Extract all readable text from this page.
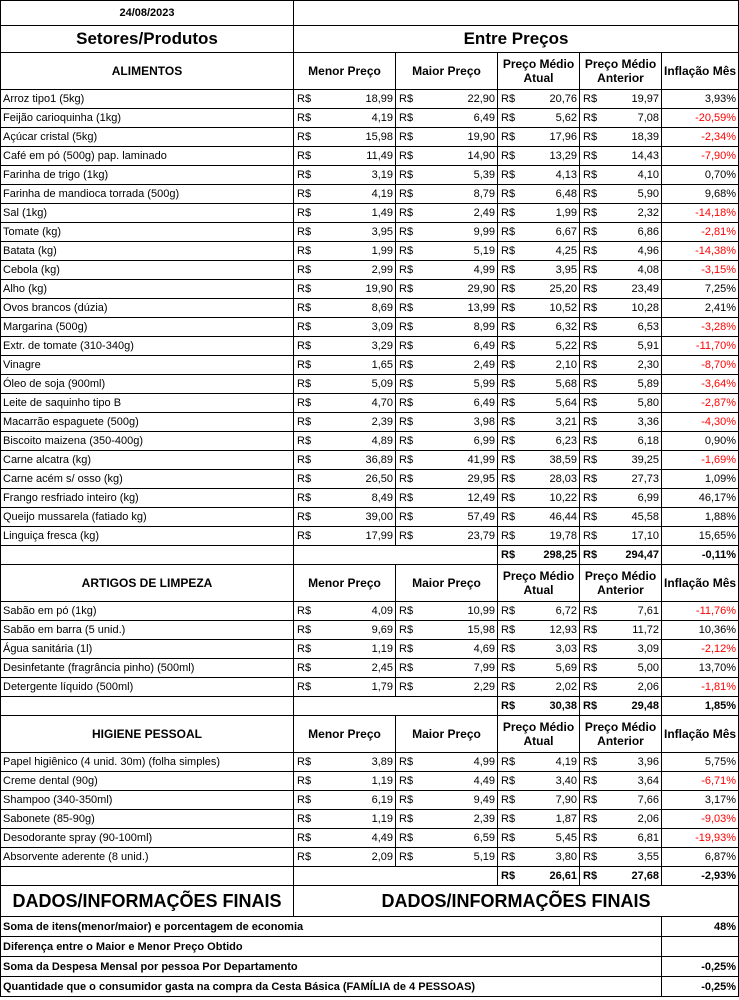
24/08/2023									
Setores/Produtos	Entre Preços								
ALIMENTOS	Menor Preço		Maior Preço		Preço Médio Atual		Preço Médio Anterior		Inflação Mês
Arroz tipo1 (5kg)	R$	18,99	R$	22,90	R$	20,76	R$	19,97	3,93%
Feijão carioquinha (1kg)	R$	4,19	R$	6,49	R$	5,62	R$	7,08	-20,59%
Açúcar cristal (5kg)	R$	15,98	R$	19,90	R$	17,96	R$	18,39	-2,34%
Café em pó (500g) pap. laminado	R$	11,49	R$	14,90	R$	13,29	R$	14,43	-7,90%
Farinha de trigo (1kg)	R$	3,19	R$	5,39	R$	4,13	R$	4,10	0,70%
Farinha de mandioca torrada (500g)	R$	4,19	R$	8,79	R$	6,48	R$	5,90	9,68%
Sal (1kg)	R$	1,49	R$	2,49	R$	1,99	R$	2,32	-14,18%
Tomate (kg)	R$	3,95	R$	9,99	R$	6,67	R$	6,86	-2,81%
Batata (kg)	R$	1,99	R$	5,19	R$	4,25	R$	4,96	-14,38%
Cebola (kg)	R$	2,99	R$	4,99	R$	3,95	R$	4,08	-3,15%
Alho (kg)	R$	19,90	R$	29,90	R$	25,20	R$	23,49	7,25%
Ovos brancos (dúzia)	R$	8,69	R$	13,99	R$	10,52	R$	10,28	2,41%
Margarina (500g)	R$	3,09	R$	8,99	R$	6,32	R$	6,53	-3,28%
Extr. de tomate (310-340g)	R$	3,29	R$	6,49	R$	5,22	R$	5,91	-11,70%
Vinagre	R$	1,65	R$	2,49	R$	2,10	R$	2,30	-8,70%
Óleo de soja (900ml)	R$	5,09	R$	5,99	R$	5,68	R$	5,89	-3,64%
Leite de saquinho tipo B	R$	4,70	R$	6,49	R$	5,64	R$	5,80	-2,87%
Macarrão espaguete (500g)	R$	2,39	R$	3,98	R$	3,21	R$	3,36	-4,30%
Biscoito maizena (350-400g)	R$	4,89	R$	6,99	R$	6,23	R$	6,18	0,90%
Carne alcatra (kg)	R$	36,89	R$	41,99	R$	38,59	R$	39,25	-1,69%
Carne acém s/ osso (kg)	R$	26,50	R$	29,95	R$	28,03	R$	27,73	1,09%
Frango resfriado inteiro (kg)	R$	8,49	R$	12,49	R$	10,22	R$	6,99	46,17%
Queijo mussarela (fatiado kg)	R$	39,00	R$	57,49	R$	46,44	R$	45,58	1,88%
Linguiça fresca (kg)	R$	17,99	R$	23,79	R$	19,78	R$	17,10	15,65%
					R$	298,25	R$	294,47	-0,11%
ARTIGOS DE LIMPEZA	Menor Preço		Maior Preço		Preço Médio Atual		Preço Médio Anterior		Inflação Mês
Sabão em pó (1kg)	R$	4,09	R$	10,99	R$	6,72	R$	7,61	-11,76%
Sabão em barra (5 unid.)	R$	9,69	R$	15,98	R$	12,93	R$	11,72	10,36%
Água sanitária (1l)	R$	1,19	R$	4,69	R$	3,03	R$	3,09	-2,12%
Desinfetante (fragrância pinho) (500ml)	R$	2,45	R$	7,99	R$	5,69	R$	5,00	13,70%
Detergente líquido (500ml)	R$	1,79	R$	2,29	R$	2,02	R$	2,06	-1,81%
					R$	30,38	R$	29,48	1,85%
HIGIENE PESSOAL	Menor Preço		Maior Preço		Preço Médio Atual		Preço Médio Anterior		Inflação Mês
Papel higiênico (4 unid. 30m) (folha simples)	R$	3,89	R$	4,99	R$	4,19	R$	3,96	5,75%
Creme dental (90g)	R$	1,19	R$	4,49	R$	3,40	R$	3,64	-6,71%
Shampoo (340-350ml)	R$	6,19	R$	9,49	R$	7,90	R$	7,66	3,17%
Sabonete (85-90g)	R$	1,19	R$	2,39	R$	1,87	R$	2,06	-9,03%
Desodorante spray (90-100ml)	R$	4,49	R$	6,59	R$	5,45	R$	6,81	-19,93%
Absorvente aderente (8 unid.)	R$	2,09	R$	5,19	R$	3,80	R$	3,55	6,87%
					R$	26,61	R$	27,68	-2,93%
DADOS/INFORMAÇÕES FINAIS	DADOS/INFORMAÇÕES FINAIS								
Soma de itens(menor/maior) e porcentagem de economia									48%
Diferença entre o Maior e Menor Preço Obtido									
Soma da Despesa Mensal por pessoa Por Departamento									-0,25%
Quantidade que o consumidor gasta na compra da Cesta Básica (FAMÍLIA de 4 PESSOAS)									-0,25%
